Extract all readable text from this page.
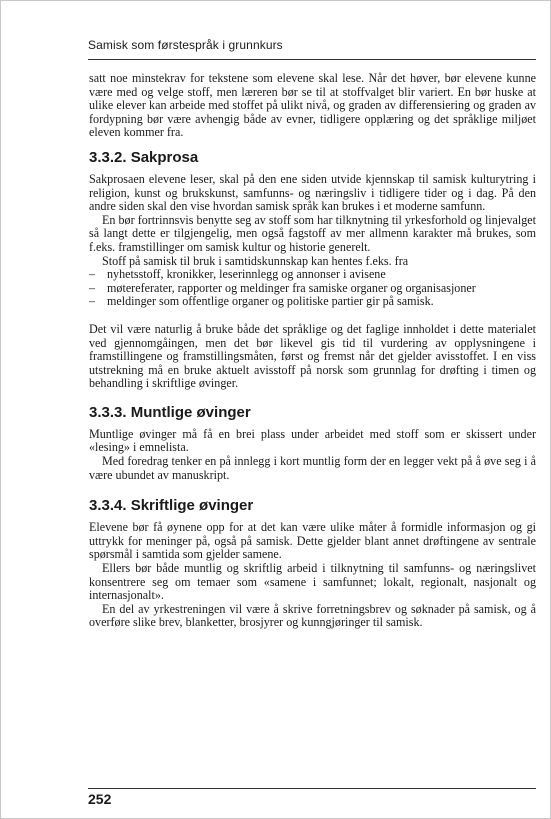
Samisk som førstespråk i grunnkurs

satt noe minstekrav for tekstene som elevene skal lese. Når det høver, bør elevene kunne være med og velge stoff, men læreren bør se til at stoffvalget blir variert. En bør huske at ulike elever kan arbeide med stoffet på ulikt nivå, og graden av differensiering og graden av fordypning bør være avhengig både av evner, tidligere opplæring og det språklige miljøet eleven kommer fra.

3.3.2. Sakprosa

Sakprosaen elevene leser, skal på den ene siden utvide kjennskap til samisk kulturytring i religion, kunst og brukskunst, samfunns- og næringsliv i tidligere tider og i dag. På den andre siden skal den vise hvordan samisk språk kan brukes i et moderne samfunn.

En bør fortrinnsvis benytte seg av stoff som har tilknytning til yrkesforhold og linjevalget så langt dette er tilgjengelig, men også fagstoff av mer allmenn karakter må brukes, som f.eks. framstillinger om samisk kultur og historie generelt.

Stoff på samisk til bruk i samtidskunnskap kan hentes f.eks. fra

– nyhetsstoff, kronikker, leserinnlegg og annonser i avisene
– møtereferater, rapporter og meldinger fra samiske organer og organisasjoner
– meldinger som offentlige organer og politiske partier gir på samisk.

Det vil være naturlig å bruke både det språklige og det faglige innholdet i dette materialet ved gjennomgåingen, men det bør likevel gis tid til vurdering av opplysningene i framstillingene og framstillingsmåten, først og fremst når det gjelder avisstoffet. I en viss utstrekning må en bruke aktuelt avisstoff på norsk som grunnlag for drøfting i timen og behandling i skriftlige øvinger.

3.3.3. Muntlige øvinger

Muntlige øvinger må få en brei plass under arbeidet med stoff som er skissert under «lesing» i emnelista.

Med foredrag tenker en på innlegg i kort muntlig form der en legger vekt på å øve seg i å være ubundet av manuskript.

3.3.4. Skriftlige øvinger

Elevene bør få øynene opp for at det kan være ulike måter å formidle informasjon og gi uttrykk for meninger på, også på samisk. Dette gjelder blant annet drøftingene av sentrale spørsmål i samtida som gjelder samene.

Ellers bør både muntlig og skriftlig arbeid i tilknytning til samfunns- og næringslivet konsentrere seg om temaer som «samene i samfunnet; lokalt, regionalt, nasjonalt og internasjonalt».

En del av yrkestreningen vil være å skrive forretningsbrev og søknader på samisk, og å overføre slike brev, blanketter, brosjyrer og kunngjøringer til samisk.

252
